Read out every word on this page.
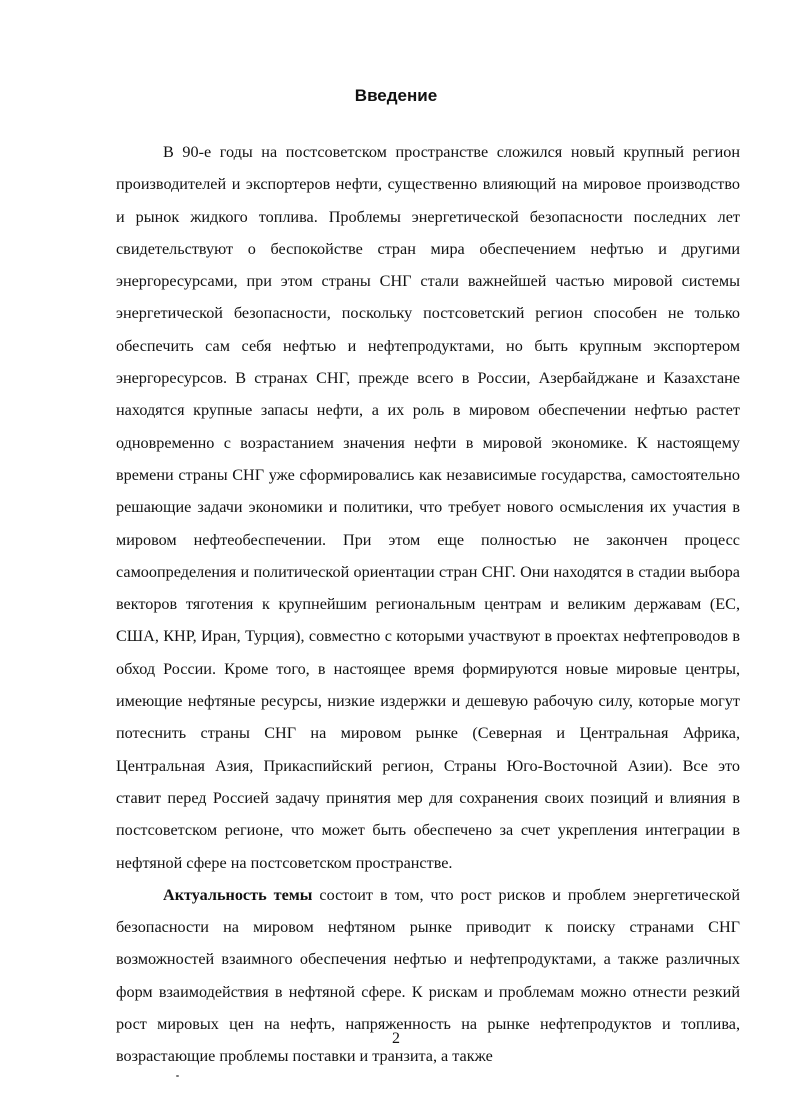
Введение

В 90-е годы на постсоветском пространстве сложился новый крупный регион производителей и экспортеров нефти, существенно влияющий на мировое производство и рынок жидкого топлива. Проблемы энергетической безопасности последних лет свидетельствуют о беспокойстве стран мира обеспечением нефтью и другими энергоресурсами, при этом страны СНГ стали важнейшей частью мировой системы энергетической безопасности, поскольку постсоветский регион способен не только обеспечить сам себя нефтью и нефтепродуктами, но быть крупным экспортером энергоресурсов. В странах СНГ, прежде всего в России, Азербайджане и Казахстане находятся крупные запасы нефти, а их роль в мировом обеспечении нефтью растет одновременно с возрастанием значения нефти в мировой экономике. К настоящему времени страны СНГ уже сформировались как независимые государства, самостоятельно решающие задачи экономики и политики, что требует нового осмысления их участия в мировом нефтеобеспечении. При этом еще полностью не закончен процесс самоопределения и политической ориентации стран СНГ. Они находятся в стадии выбора векторов тяготения к крупнейшим региональным центрам и великим державам (ЕС, США, КНР, Иран, Турция), совместно с которыми участвуют в проектах нефтепроводов в обход России. Кроме того, в настоящее время формируются новые мировые центры, имеющие нефтяные ресурсы, низкие издержки и дешевую рабочую силу, которые могут потеснить страны СНГ на мировом рынке (Северная и Центральная Африка, Центральная Азия, Прикаспийский регион, Страны Юго-Восточной Азии). Все это ставит перед Россией задачу принятия мер для сохранения своих позиций и влияния в постсоветском регионе, что может быть обеспечено за счет укрепления интеграции в нефтяной сфере на постсоветском пространстве.

Актуальность темы состоит в том, что рост рисков и проблем энергетической безопасности на мировом нефтяном рынке приводит к поиску странами СНГ возможностей взаимного обеспечения нефтью и нефтепродуктами, а также различных форм взаимодействия в нефтяной сфере. К рискам и проблемам можно отнести резкий рост мировых цен на нефть, напряженность на рынке нефтепродуктов и топлива, возрастающие проблемы поставки и транзита, а также

2
